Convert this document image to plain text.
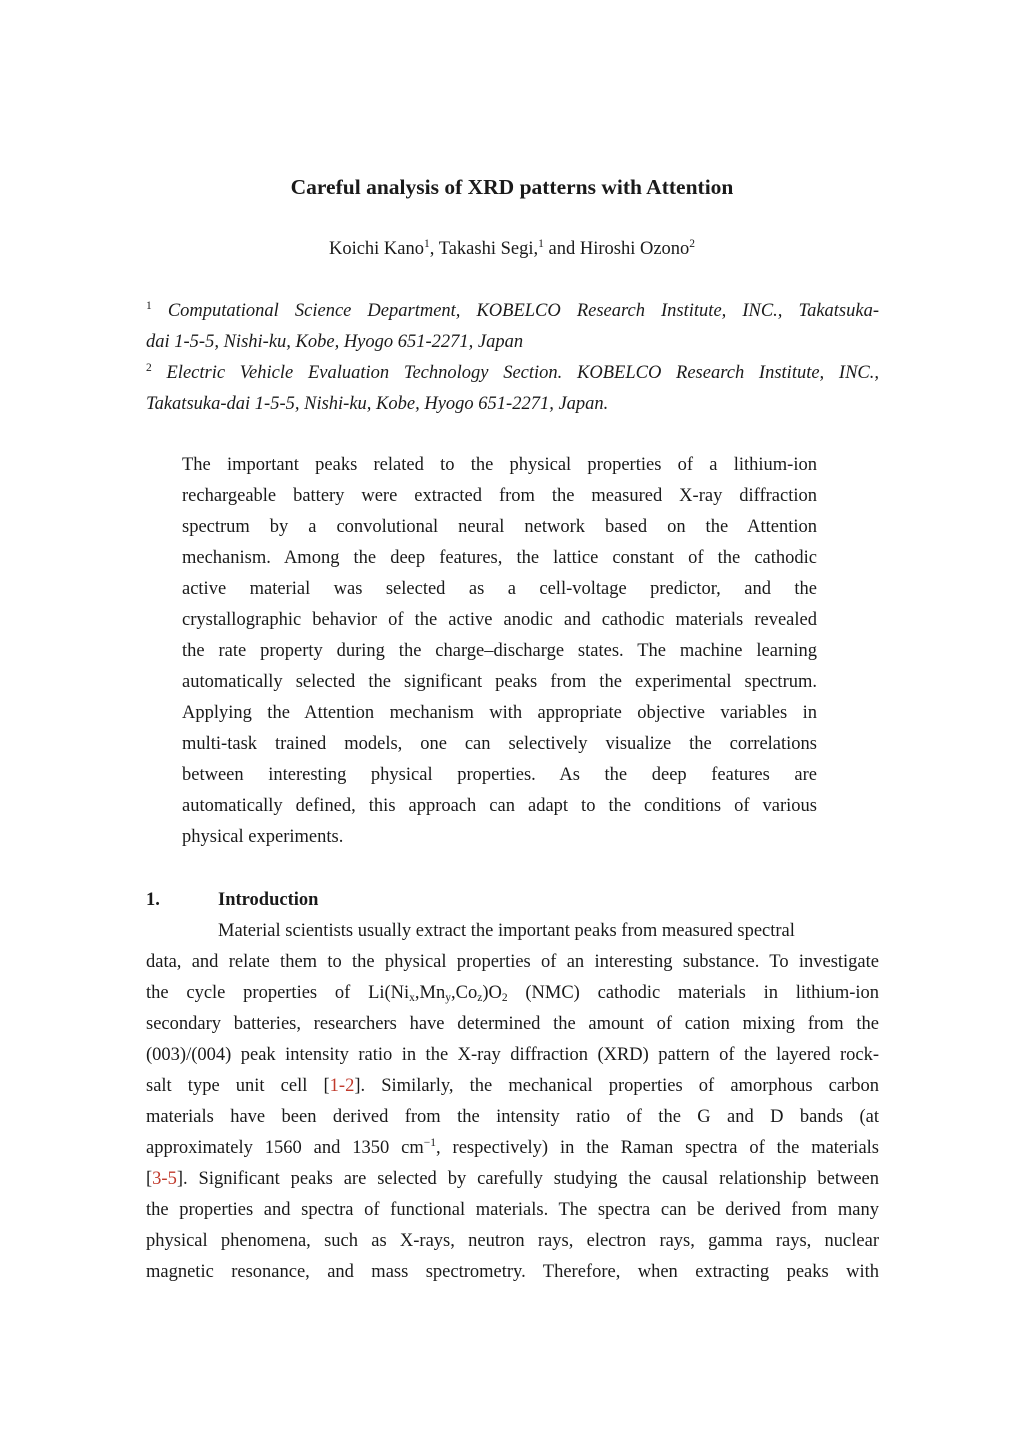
Careful analysis of XRD patterns with Attention
Koichi Kano$^1$, Takashi Segi,$^1$ and Hiroshi Ozono$^2$
$^1$ Computational Science Department, KOBELCO Research Institute, INC., Takatsuka-
dai 1-5-5, Nishi-ku, Kobe, Hyogo 651-2271, Japan
$^2$ Electric Vehicle Evaluation Technology Section. KOBELCO Research Institute, INC.,
Takatsuka-dai 1-5-5, Nishi-ku, Kobe, Hyogo 651-2271, Japan.
The important peaks related to the physical properties of a lithium-ion
rechargeable battery were extracted from the measured X-ray diffraction
spectrum by a convolutional neural network based on the Attention
mechanism. Among the deep features, the lattice constant of the cathodic
active material was selected as a cell-voltage predictor, and the
crystallographic behavior of the active anodic and cathodic materials revealed
the rate property during the charge–discharge states. The machine learning
automatically selected the significant peaks from the experimental spectrum.
Applying the Attention mechanism with appropriate objective variables in
multi-task trained models, one can selectively visualize the correlations
between interesting physical properties. As the deep features are
automatically defined, this approach can adapt to the conditions of various
physical experiments.
1.	Introduction
Material scientists usually extract the important peaks from measured spectral
data, and relate them to the physical properties of an interesting substance. To investigate
the cycle properties of $Li(Ni_x,Mn_y,Co_z)O_2$ (NMC) cathodic materials in lithium-ion
secondary batteries, researchers have determined the amount of cation mixing from the
(003)/(004) peak intensity ratio in the X-ray diffraction (XRD) pattern of the layered rock-
salt type unit cell [1-2]. Similarly, the mechanical properties of amorphous carbon
materials have been derived from the intensity ratio of the G and D bands (at
approximately 1560 and 1350 $cm^{-1}$, respectively) in the Raman spectra of the materials
[3-5]. Significant peaks are selected by carefully studying the causal relationship between
the properties and spectra of functional materials. The spectra can be derived from many
physical phenomena, such as X-rays, neutron rays, electron rays, gamma rays, nuclear
magnetic resonance, and mass spectrometry. Therefore, when extracting peaks with
